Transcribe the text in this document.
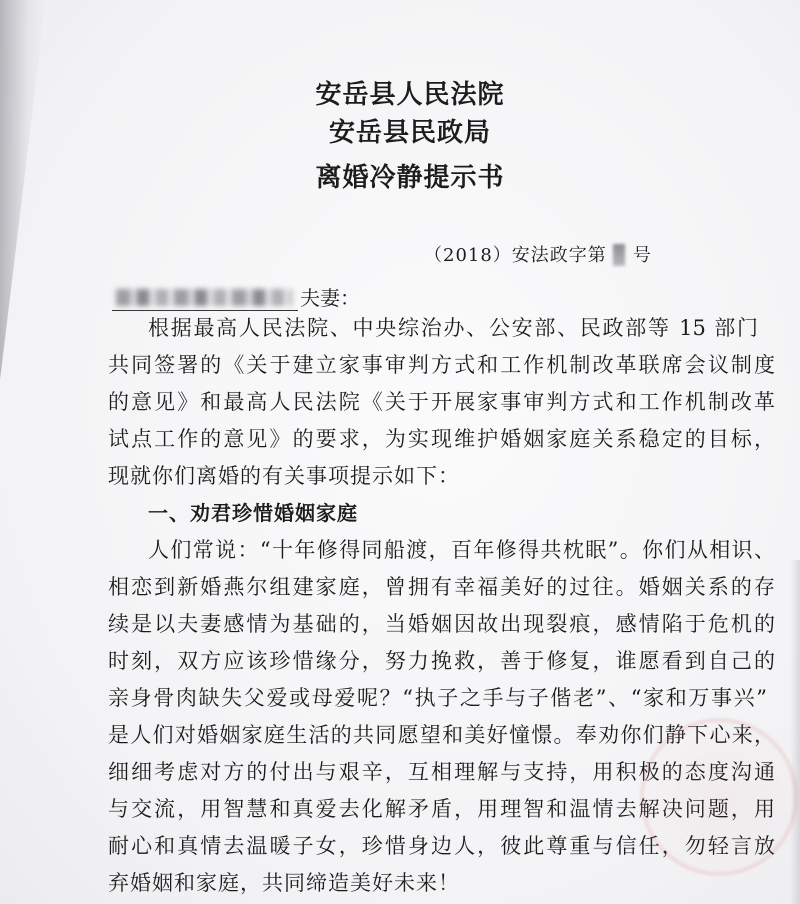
安岳县人民法院
安岳县民政局
离婚冷静提示书
（2018）安法政字第 号
夫妻：
根据最高人民法院、中央综治办、公安部、民政部等 15 部门
共同签署的《关于建立家事审判方式和工作机制改革联席会议制度
的意见》和最高人民法院《关于开展家事审判方式和工作机制改革
试点工作的意见》的要求，为实现维护婚姻家庭关系稳定的目标，
现就你们离婚的有关事项提示如下：
一、劝君珍惜婚姻家庭
人们常说：“十年修得同船渡，百年修得共枕眠”。你们从相识、
相恋到新婚燕尔组建家庭，曾拥有幸福美好的过往。婚姻关系的存
续是以夫妻感情为基础的，当婚姻因故出现裂痕，感情陷于危机的
时刻，双方应该珍惜缘分，努力挽救，善于修复，谁愿看到自己的
亲身骨肉缺失父爱或母爱呢？“执子之手与子偕老”、“家和万事兴”
是人们对婚姻家庭生活的共同愿望和美好憧憬。奉劝你们静下心来，
细细考虑对方的付出与艰辛，互相理解与支持，用积极的态度沟通
与交流，用智慧和真爱去化解矛盾，用理智和温情去解决问题，用
耐心和真情去温暖子女，珍惜身边人，彼此尊重与信任，勿轻言放
弃婚姻和家庭，共同缔造美好未来！
